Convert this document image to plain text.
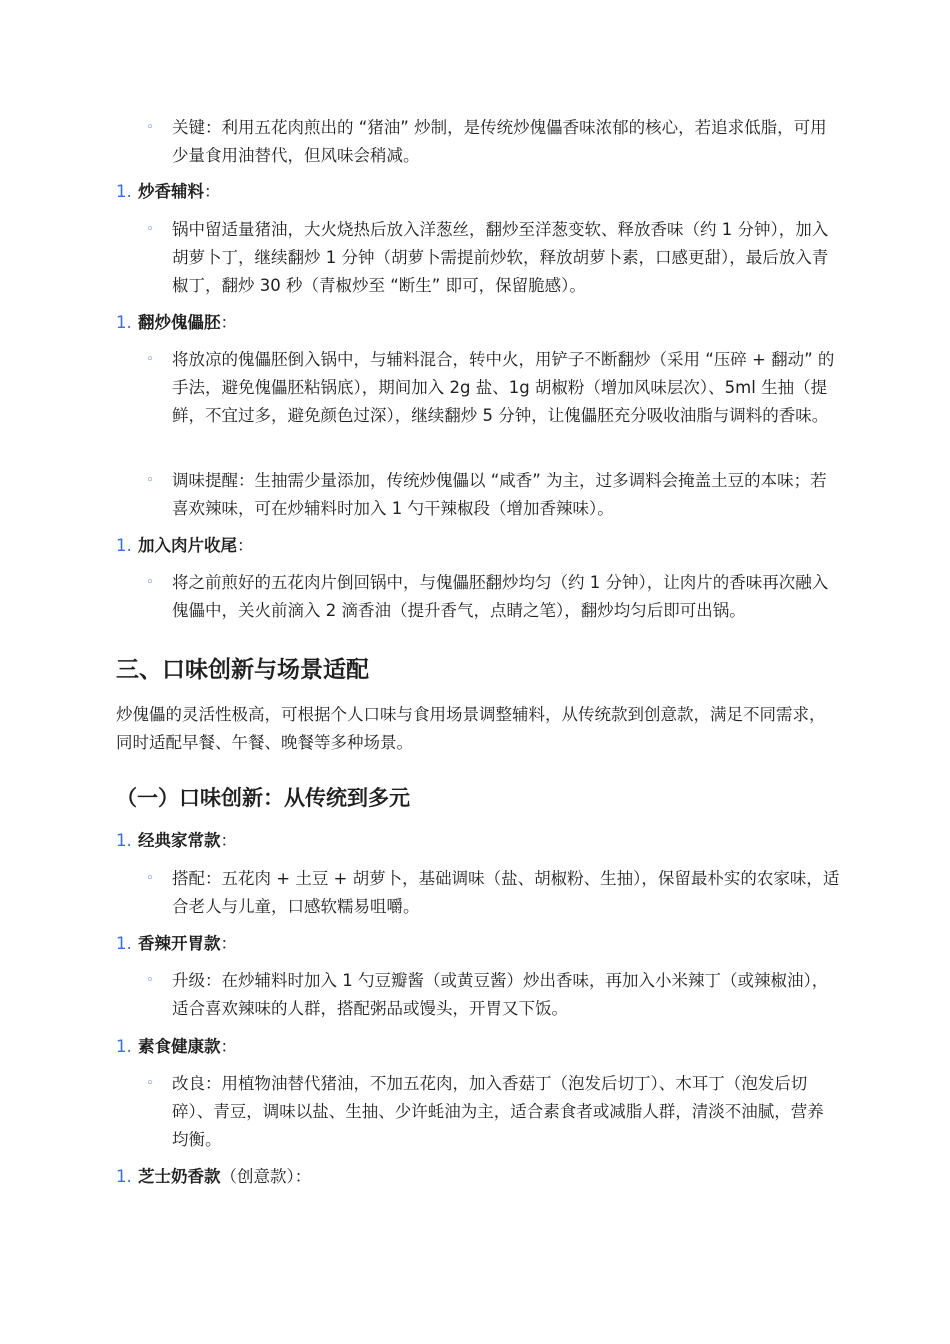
◦ 关键：利用五花肉煎出的 “猪油” 炒制，是传统炒傀儡香味浓郁的核心，若追求低脂，可用少量食用油替代，但风味会稍减。
1. 炒香辅料：
◦ 锅中留适量猪油，大火烧热后放入洋葱丝，翻炒至洋葱变软、释放香味（约 1 分钟），加入胡萝卜丁，继续翻炒 1 分钟（胡萝卜需提前炒软，释放胡萝卜素，口感更甜），最后放入青椒丁，翻炒 30 秒（青椒炒至 “断生” 即可，保留脆感）。
1. 翻炒傀儡胚：
◦ 将放凉的傀儡胚倒入锅中，与辅料混合，转中火，用铲子不断翻炒（采用 “压碎 + 翻动” 的手法，避免傀儡胚粘锅底），期间加入 2g 盐、1g 胡椒粉（增加风味层次）、5ml 生抽（提鲜，不宜过多，避免颜色过深），继续翻炒 5 分钟，让傀儡胚充分吸收油脂与调料的香味。
◦ 调味提醒：生抽需少量添加，传统炒傀儡以 “咸香” 为主，过多调料会掩盖土豆的本味；若喜欢辣味，可在炒辅料时加入 1 勺干辣椒段（增加香辣味）。
1. 加入肉片收尾：
◦ 将之前煎好的五花肉片倒回锅中，与傀儡胚翻炒均匀（约 1 分钟），让肉片的香味再次融入傀儡中，关火前滴入 2 滴香油（提升香气，点睛之笔），翻炒均匀后即可出锅。
三、口味创新与场景适配
炒傀儡的灵活性极高，可根据个人口味与食用场景调整辅料，从传统款到创意款，满足不同需求，同时适配早餐、午餐、晚餐等多种场景。
（一）口味创新：从传统到多元
1. 经典家常款：
◦ 搭配：五花肉 + 土豆 + 胡萝卜，基础调味（盐、胡椒粉、生抽），保留最朴实的农家味，适合老人与儿童，口感软糯易咀嚼。
1. 香辣开胃款：
◦ 升级：在炒辅料时加入 1 勺豆瓣酱（或黄豆酱）炒出香味，再加入小米辣丁（或辣椒油），适合喜欢辣味的人群，搭配粥品或馒头，开胃又下饭。
1. 素食健康款：
◦ 改良：用植物油替代猪油，不加五花肉，加入香菇丁（泡发后切丁）、木耳丁（泡发后切碎）、青豆，调味以盐、生抽、少许蚝油为主，适合素食者或减脂人群，清淡不油腻，营养均衡。
1. 芝士奶香款（创意款）：
